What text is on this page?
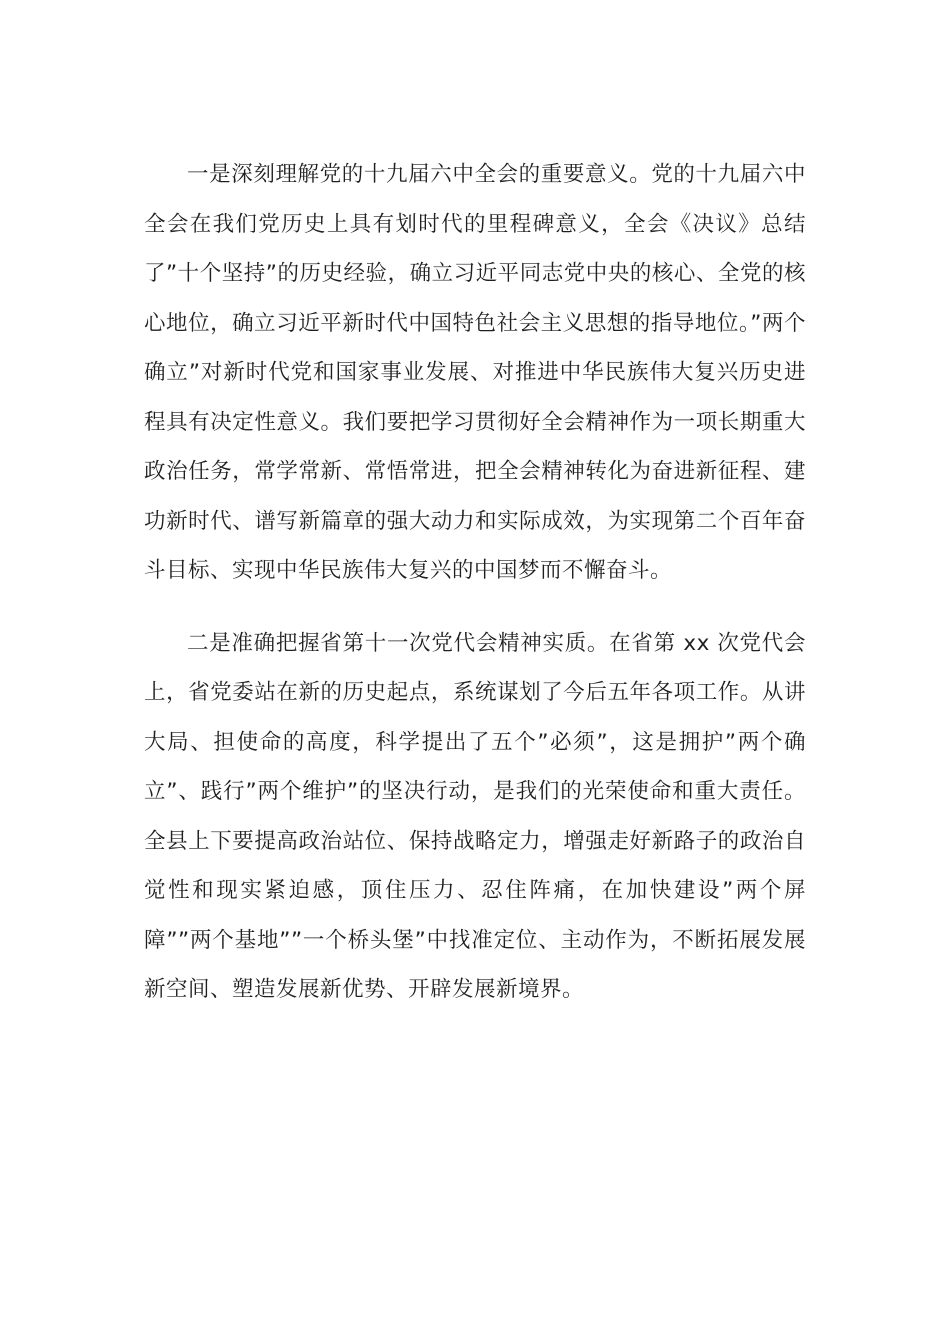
一是深刻理解党的十九届六中全会的重要意义。党的十九届六中全会在我们党历史上具有划时代的里程碑意义，全会《决议》总结了”十个坚持”的历史经验，确立习近平同志党中央的核心、全党的核心地位，确立习近平新时代中国特色社会主义思想的指导地位。”两个确立”对新时代党和国家事业发展、对推进中华民族伟大复兴历史进程具有决定性意义。我们要把学习贯彻好全会精神作为一项长期重大政治任务，常学常新、常悟常进，把全会精神转化为奋进新征程、建功新时代、谱写新篇章的强大动力和实际成效，为实现第二个百年奋斗目标、实现中华民族伟大复兴的中国梦而不懈奋斗。

二是准确把握省第十一次党代会精神实质。在省第 xx 次党代会上，省党委站在新的历史起点，系统谋划了今后五年各项工作。从讲大局、担使命的高度，科学提出了五个”必须”，这是拥护”两个确立”、践行”两个维护”的坚决行动，是我们的光荣使命和重大责任。全县上下要提高政治站位、保持战略定力，增强走好新路子的政治自觉性和现实紧迫感，顶住压力、忍住阵痛，在加快建设”两个屏障””两个基地””一个桥头堡”中找准定位、主动作为，不断拓展发展新空间、塑造发展新优势、开辟发展新境界。
